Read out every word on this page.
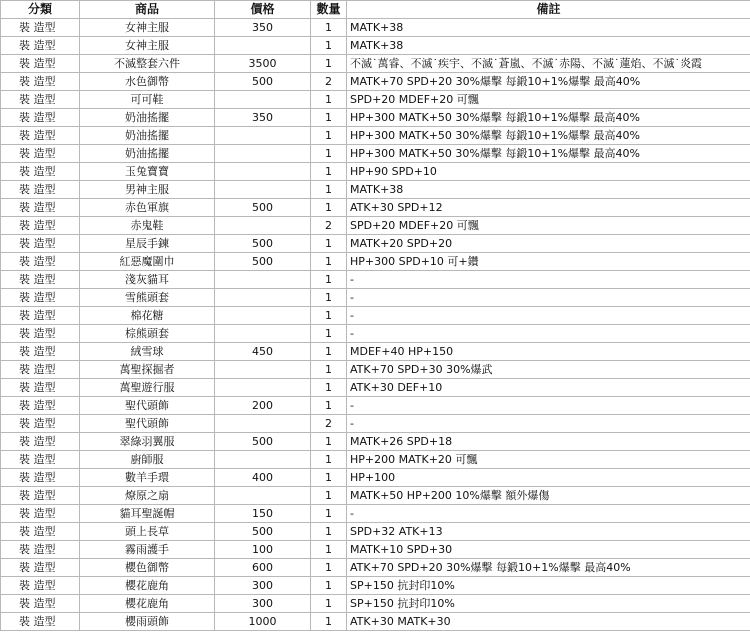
分類	商品	價格	數量	備註
裝 造型	女神主服	350	1	MATK+38
裝 造型	女神主服		1	MATK+38
裝 造型	不滅整套六件	3500	1	不滅˙萬睿、不滅˙疾宇、不滅˙蒼嵐、不滅˙赤陽、不滅˙蓮焰、不滅˙炎霞
裝 造型	水色御幣	500	2	MATK+70 SPD+20 30%爆擊 每鍛10+1%爆擊 最高40%
裝 造型	可可鞋		1	SPD+20 MDEF+20 可飄
裝 造型	奶油搖擺	350	1	HP+300 MATK+50 30%爆擊 每鍛10+1%爆擊 最高40%
裝 造型	奶油搖擺		1	HP+300 MATK+50 30%爆擊 每鍛10+1%爆擊 最高40%
裝 造型	奶油搖擺		1	HP+300 MATK+50 30%爆擊 每鍛10+1%爆擊 最高40%
裝 造型	玉兔寶寶		1	HP+90 SPD+10
裝 造型	男神主服		1	MATK+38
裝 造型	赤色軍旗	500	1	ATK+30 SPD+12
裝 造型	赤鬼鞋		2	SPD+20 MDEF+20 可飄
裝 造型	星辰手鍊	500	1	MATK+20 SPD+20
裝 造型	紅惡魔圍巾	500	1	HP+300 SPD+10 可+鑽
裝 造型	淺灰貓耳		1	-
裝 造型	雪熊頭套		1	-
裝 造型	棉花糖		1	-
裝 造型	棕熊頭套		1	-
裝 造型	絨雪球	450	1	MDEF+40 HP+150
裝 造型	萬聖探掘者		1	ATK+70 SPD+30 30%爆武
裝 造型	萬聖遊行服		1	ATK+30 DEF+10
裝 造型	聖代頭飾	200	1	-
裝 造型	聖代頭飾		2	-
裝 造型	翠綠羽翼服	500	1	MATK+26 SPD+18
裝 造型	廚師服		1	HP+200 MATK+20 可飄
裝 造型	數羊手環	400	1	HP+100
裝 造型	燎原之扇		1	MATK+50 HP+200 10%爆擊 額外爆傷
裝 造型	貓耳聖誕帽	150	1	-
裝 造型	頭上長草	500	1	SPD+32 ATK+13
裝 造型	霧雨護手	100	1	MATK+10 SPD+30
裝 造型	櫻色御幣	600	1	ATK+70 SPD+20 30%爆擊 每鍛10+1%爆擊 最高40%
裝 造型	櫻花鹿角	300	1	SP+150 抗封印10%
裝 造型	櫻花鹿角	300	1	SP+150 抗封印10%
裝 造型	櫻雨頭飾	1000	1	ATK+30 MATK+30
